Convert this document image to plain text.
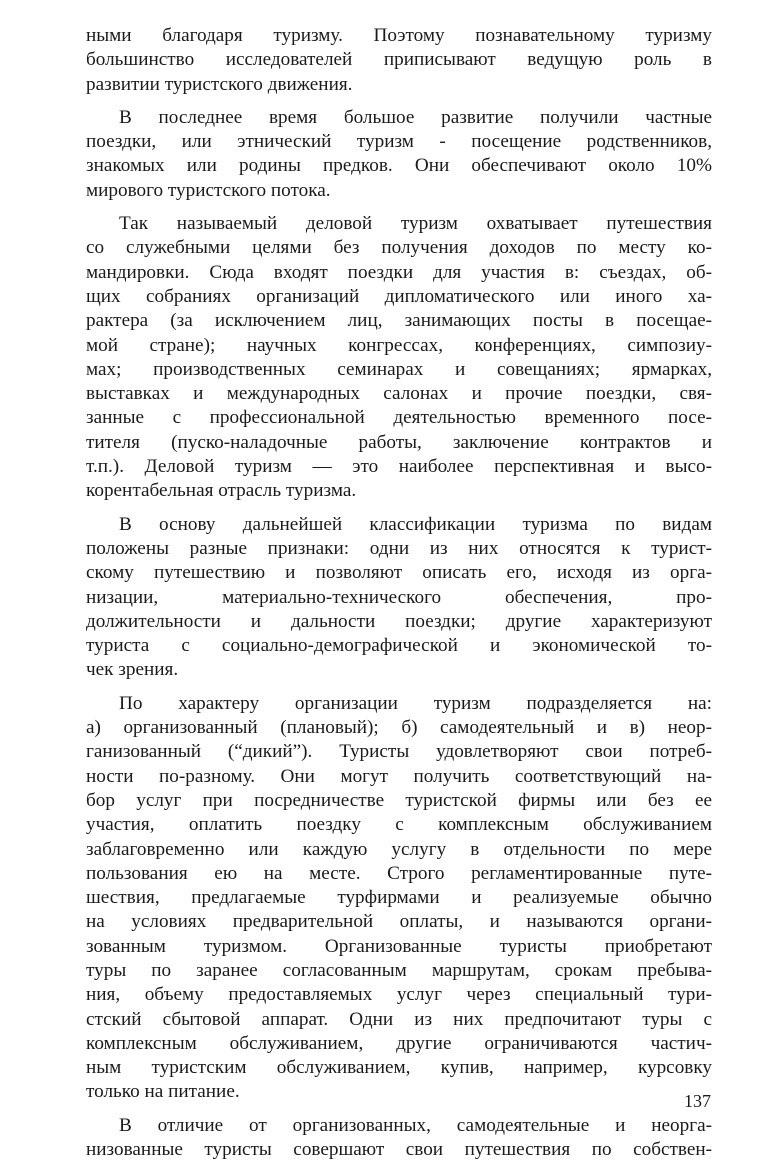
ными благодаря туризму. Поэтому познавательному туризму
большинство исследователей приписывают ведущую роль в
развитии туристского движения.

В последнее время большое развитие получили частные
поездки, или этнический туризм - посещение родственников,
знакомых или родины предков. Они обеспечивают около 10%
мирового туристского потока.

Так называемый деловой туризм охватывает путешествия
со служебными целями без получения доходов по месту ко-
мандировки. Сюда входят поездки для участия в: съездах, об-
щих собраниях организаций дипломатического или иного ха-
рактера (за исключением лиц, занимающих посты в посещае-
мой стране); научных конгрессах, конференциях, симпозиу-
мах; производственных семинарах и совещаниях; ярмарках,
выставках и международных салонах и прочие поездки, свя-
занные с профессиональной деятельностью временного посе-
тителя (пуско-наладочные работы, заключение контрактов и
т.п.). Деловой туризм — это наиболее перспективная и высо-
корентабельная отрасль туризма.

В основу дальнейшей классификации туризма по видам
положены разные признаки: одни из них относятся к турист-
скому путешествию и позволяют описать его, исходя из орга-
низации, материально-технического обеспечения, про-
должительности и дальности поездки; другие характеризуют
туриста с социально-демографической и экономической то-
чек зрения.

По характеру организации туризм подразделяется на:
а) организованный (плановый); б) самодеятельный и в) неор-
ганизованный (“дикий”). Туристы удовлетворяют свои потреб-
ности по-разному. Они могут получить соответствующий на-
бор услуг при посредничестве туристской фирмы или без ее
участия, оплатить поездку с комплексным обслуживанием
заблаговременно или каждую услугу в отдельности по мере
пользования ею на месте. Строго регламентированные путе-
шествия, предлагаемые турфирмами и реализуемые обычно
на условиях предварительной оплаты, и называются органи-
зованным туризмом. Организованные туристы приобретают
туры по заранее согласованным маршрутам, срокам пребыва-
ния, объему предоставляемых услуг через специальный тури-
стский сбытовой аппарат. Одни из них предпочитают туры с
комплексным обслуживанием, другие ограничиваются частич-
ным туристским обслуживанием, купив, например, курсовку
только на питание.

В отличие от организованных, самодеятельные и неорга-
низованные туристы совершают свои путешествия по собствен-

137
